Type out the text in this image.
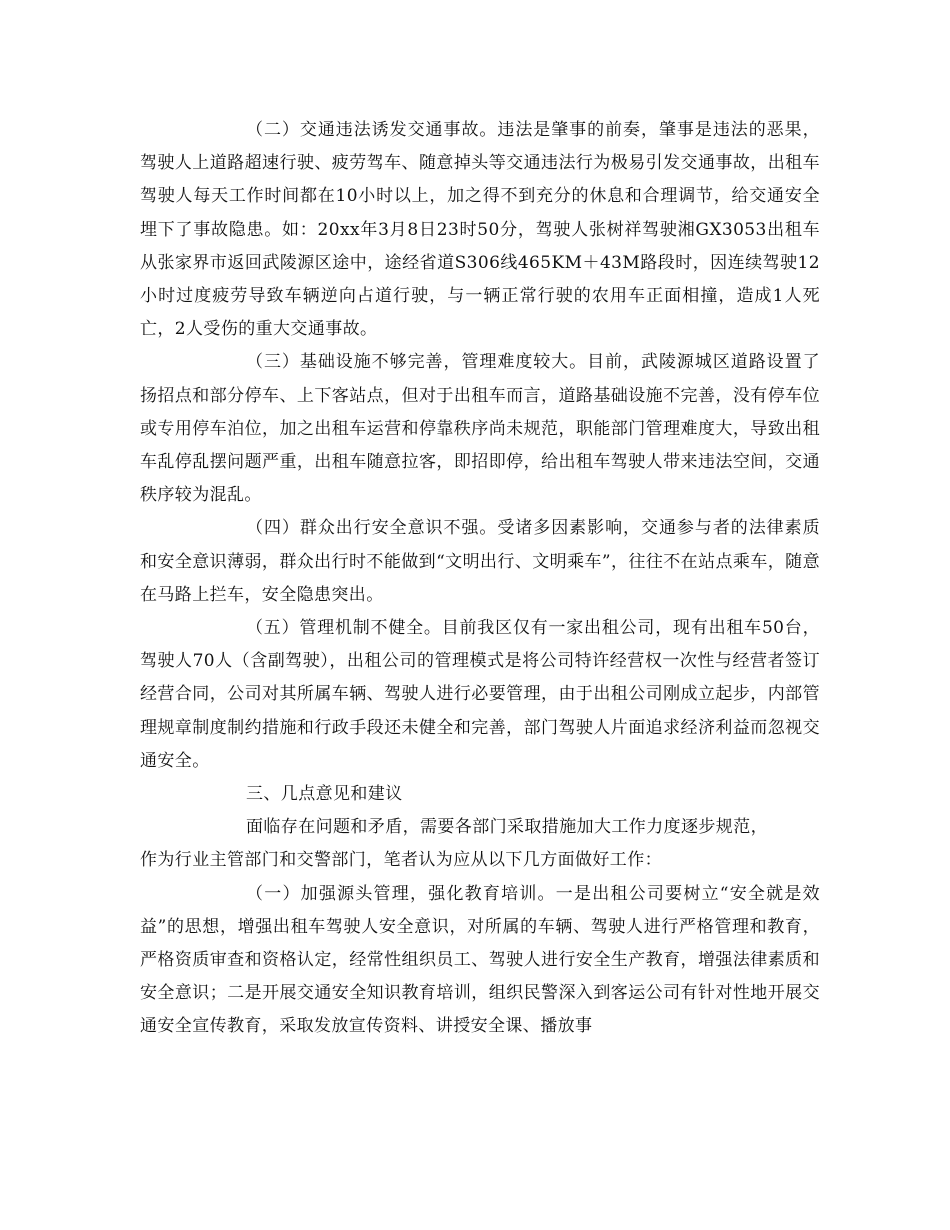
（二）交通违法诱发交通事故。违法是肇事的前奏，肇事是违法的恶果，驾驶人上道路超速行驶、疲劳驾车、随意掉头等交通违法行为极易引发交通事故，出租车驾驶人每天工作时间都在10小时以上，加之得不到充分的休息和合理调节，给交通安全埋下了事故隐患。如：20xx年3月8日23时50分，驾驶人张树祥驾驶湘GX3053出租车从张家界市返回武陵源区途中，途经省道S306线465KM＋43M路段时，因连续驾驶12小时过度疲劳导致车辆逆向占道行驶，与一辆正常行驶的农用车正面相撞，造成1人死亡，2人受伤的重大交通事故。

（三）基础设施不够完善，管理难度较大。目前，武陵源城区道路设置了扬招点和部分停车、上下客站点，但对于出租车而言，道路基础设施不完善，没有停车位或专用停车泊位，加之出租车运营和停靠秩序尚未规范，职能部门管理难度大，导致出租车乱停乱摆问题严重，出租车随意拉客，即招即停，给出租车驾驶人带来违法空间，交通秩序较为混乱。

（四）群众出行安全意识不强。受诸多因素影响，交通参与者的法律素质和安全意识薄弱，群众出行时不能做到“文明出行、文明乘车”，往往不在站点乘车，随意在马路上拦车，安全隐患突出。

（五）管理机制不健全。目前我区仅有一家出租公司，现有出租车50台，驾驶人70人（含副驾驶），出租公司的管理模式是将公司特许经营权一次性与经营者签订经营合同，公司对其所属车辆、驾驶人进行必要管理，由于出租公司刚成立起步，内部管理规章制度制约措施和行政手段还未健全和完善，部门驾驶人片面追求经济利益而忽视交通安全。

三、几点意见和建议

面临存在问题和矛盾，需要各部门采取措施加大工作力度逐步规范，
作为行业主管部门和交警部门，笔者认为应从以下几方面做好工作：

（一）加强源头管理，强化教育培训。一是出租公司要树立“安全就是效益”的思想，增强出租车驾驶人安全意识，对所属的车辆、驾驶人进行严格管理和教育，严格资质审查和资格认定，经常性组织员工、驾驶人进行安全生产教育，增强法律素质和安全意识；二是开展交通安全知识教育培训，组织民警深入到客运公司有针对性地开展交通安全宣传教育，采取发放宣传资料、讲授安全课、播放事
